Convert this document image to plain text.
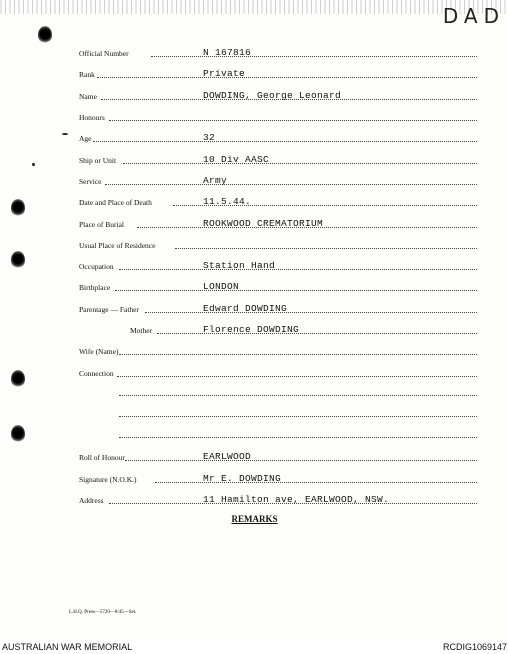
DAD
Official Number	N 167816
Rank	Private
Name	DOWDING, George Leonard
Honours
Age	32
Ship or Unit	10 Div AASC
Service	Army
Date and Place of Death	11.5.44.
Place of Burial	ROOKWOOD CREMATORIUM
Usual Place of Residence
Occupation	Station Hand
Birthplace	LONDON
Parentage — Father	Edward DOWDING
Mother	Florence DOWDING
Wife (Name)
Connection
Roll of Honour	EARLWOOD
Signature (N.O.K.)	Mr E. DOWDING
Address	11 Hamilton ave, EARLWOOD, NSW.
REMARKS
L.H.Q. Press—5720—8/45—Set.
AUSTRALIAN WAR MEMORIAL	RCDIG1069147
